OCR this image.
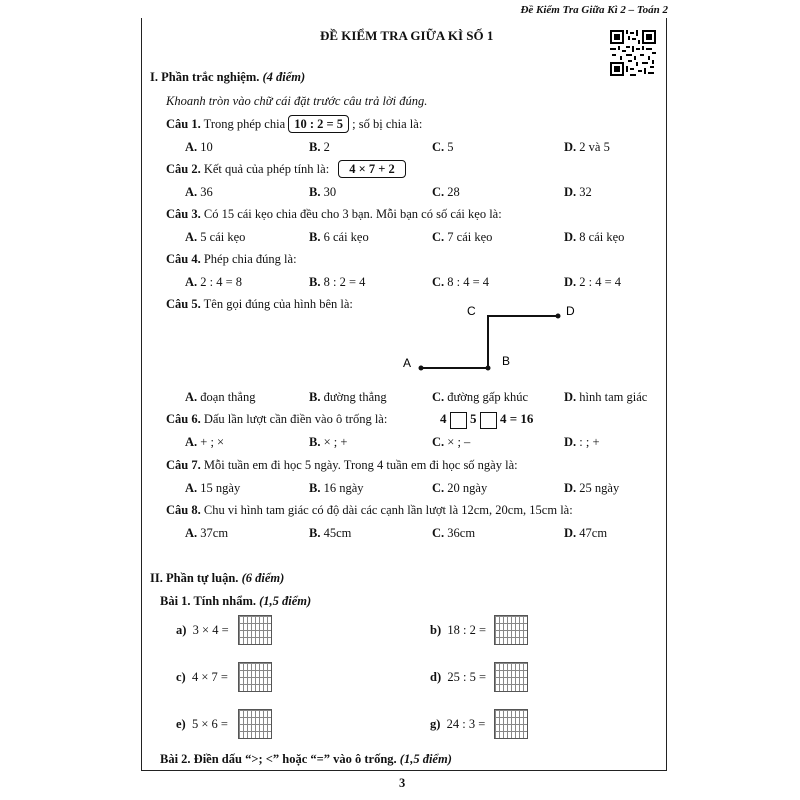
Đề Kiểm Tra Giữa Kì 2 – Toán 2
ĐỀ KIỂM TRA GIỮA KÌ SỐ 1
I. Phần trắc nghiệm. (4 điểm)
Khoanh tròn vào chữ cái đặt trước câu trả lời đúng.
Câu 1. Trong phép chia 10 : 2 = 5 ; số bị chia là:
A. 10	B. 2	C. 5	D. 2 và 5
Câu 2. Kết quả của phép tính là: 4 × 7 + 2
A. 36	B. 30	C. 28	D. 32
Câu 3. Có 15 cái kẹo chia đều cho 3 bạn. Mỗi bạn có số cái kẹo là:
A. 5 cái kẹo	B. 6 cái kẹo	C. 7 cái kẹo	D. 8 cái kẹo
Câu 4. Phép chia đúng là:
A. 2 : 4 = 8	B. 8 : 2 = 4	C. 8 : 4 = 4	D. 2 : 4 = 4
Câu 5. Tên gọi đúng của hình bên là:
A	B
C	D
A. đoạn thẳng	B. đường thẳng	C. đường gấp khúc	D. hình tam giác
Câu 6. Dấu lần lượt cần điền vào ô trống là:	4 5 4 = 16
A. + ; ×	B. × ; +	C. × ; –	D. : ; +
Câu 7. Mỗi tuần em đi học 5 ngày. Trong 4 tuần em đi học số ngày là:
A. 15 ngày	B. 16 ngày	C. 20 ngày	D. 25 ngày
Câu 8. Chu vi hình tam giác có độ dài các cạnh lần lượt là 12cm, 20cm, 15cm là:
A. 37cm	B. 45cm	C. 36cm	D. 47cm
II. Phần tự luận. (6 điểm)
Bài 1. Tính nhẩm. (1,5 điểm)
a) 3 × 4 =	b) 18 : 2 =
c) 4 × 7 =	d) 25 : 5 =
e) 5 × 6 =	g) 24 : 3 =
Bài 2. Điền dấu “>; <” hoặc “=” vào ô trống. (1,5 điểm)
3
